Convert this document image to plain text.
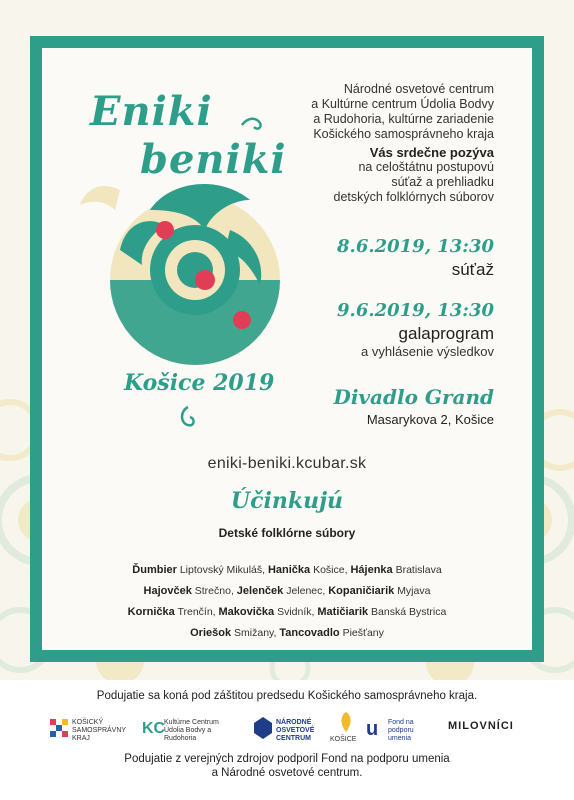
Eniki
beniki
Košice 2019
Národné osvetové centrum
a Kultúrne centrum Údolia Bodvy
a Rudohoria, kultúrne zariadenie
Košického samosprávneho kraja
Vás srdečne pozýva
na celoštátnu postupovú
súťaž a prehliadku
detských folklórnych súborov
8.6.2019, 13:30
súťaž
9.6.2019, 13:30
galaprogram
a vyhlásenie výsledkov
Divadlo Grand
Masarykova 2, Košice
eniki-beniki.kcubar.sk
Účinkujú
Detské folklórne súbory
Ďumbier Liptovský Mikuláš, Hanička Košice, Hájenka Bratislava
Hajovček Strečno, Jelenček Jelenec, Kopaničiarik Myjava
Kornička Trenčín, Makovička Svidník, Matičiarik Banská Bystrica
Oriešok Smižany, Tancovadlo Piešťany
Podujatie sa koná pod záštitou predsedu Košického samosprávneho kraja.
KOŠICKÝ SAMOSPRÁVNY KRAJ
KC
Kultúrne Centrum Údolia Bodvy a Rudohoria
NÁRODNÉ OSVETOVÉ CENTRUM	KOŠICE u Fond na podporu umenia
MILOVNÍCI
Podujatie z verejných zdrojov podporil Fond na podporu umenia
a Národné osvetové centrum.
